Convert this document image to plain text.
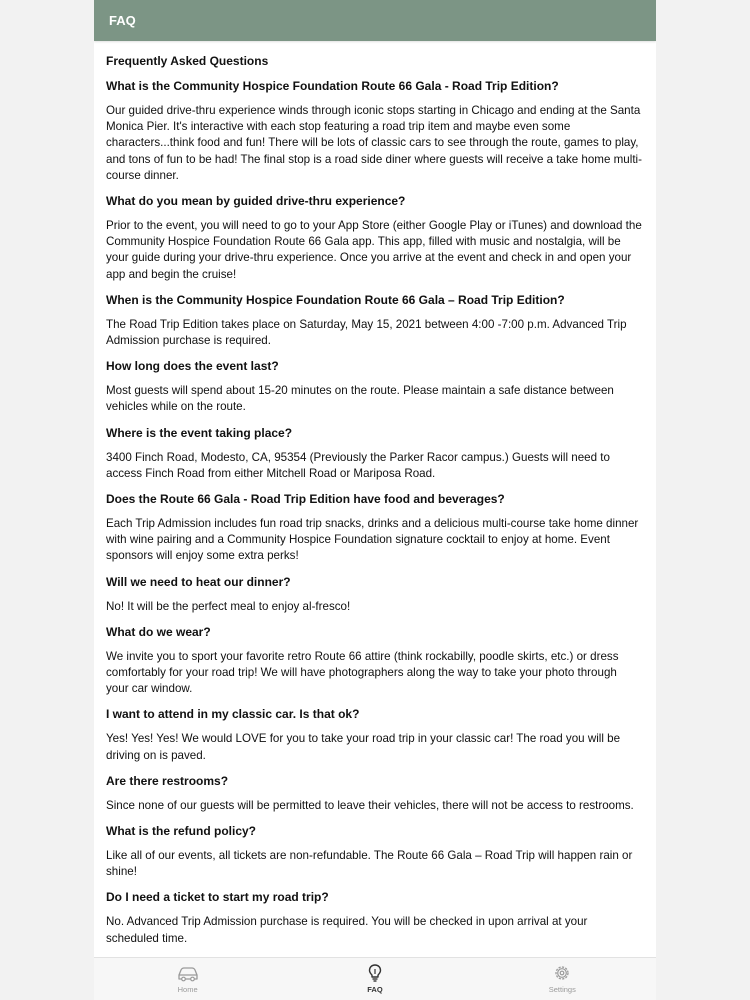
FAQ
Frequently Asked Questions
What is the Community Hospice Foundation Route 66 Gala - Road Trip Edition?
Our guided drive-thru experience winds through iconic stops starting in Chicago and ending at the Santa Monica Pier. It's interactive with each stop featuring a road trip item and maybe even some characters...think food and fun! There will be lots of classic cars to see through the route, games to play, and tons of fun to be had! The final stop is a road side diner where guests will receive a take home multi-course dinner.
What do you mean by guided drive-thru experience?
Prior to the event, you will need to go to your App Store (either Google Play or iTunes) and download the Community Hospice Foundation Route 66 Gala app. This app, filled with music and nostalgia, will be your guide during your drive-thru experience. Once you arrive at the event and check in and open your app and begin the cruise!
When is the Community Hospice Foundation Route 66 Gala – Road Trip Edition?
The Road Trip Edition takes place on Saturday, May 15, 2021 between 4:00 -7:00 p.m. Advanced Trip Admission purchase is required.
How long does the event last?
Most guests will spend about 15-20 minutes on the route. Please maintain a safe distance between vehicles while on the route.
Where is the event taking place?
3400 Finch Road, Modesto, CA, 95354 (Previously the Parker Racor campus.) Guests will need to access Finch Road from either Mitchell Road or Mariposa Road.
Does the Route 66 Gala - Road Trip Edition have food and beverages?
Each Trip Admission includes fun road trip snacks, drinks and a delicious multi-course take home dinner with wine pairing and a Community Hospice Foundation signature cocktail to enjoy at home. Event sponsors will enjoy some extra perks!
Will we need to heat our dinner?
No! It will be the perfect meal to enjoy al-fresco!
What do we wear?
We invite you to sport your favorite retro Route 66 attire (think rockabilly, poodle skirts, etc.) or dress comfortably for your road trip! We will have photographers along the way to take your photo through your car window.
I want to attend in my classic car. Is that ok?
Yes! Yes! Yes! We would LOVE for you to take your road trip in your classic car! The road you will be driving on is paved.
Are there restrooms?
Since none of our guests will be permitted to leave their vehicles, there will not be access to restrooms.
What is the refund policy?
Like all of our events, all tickets are non-refundable. The Route 66 Gala – Road Trip will happen rain or shine!
Do I need a ticket to start my road trip?
No. Advanced Trip Admission purchase is required. You will be checked in upon arrival at your scheduled time.
Home	FAQ	Settings
